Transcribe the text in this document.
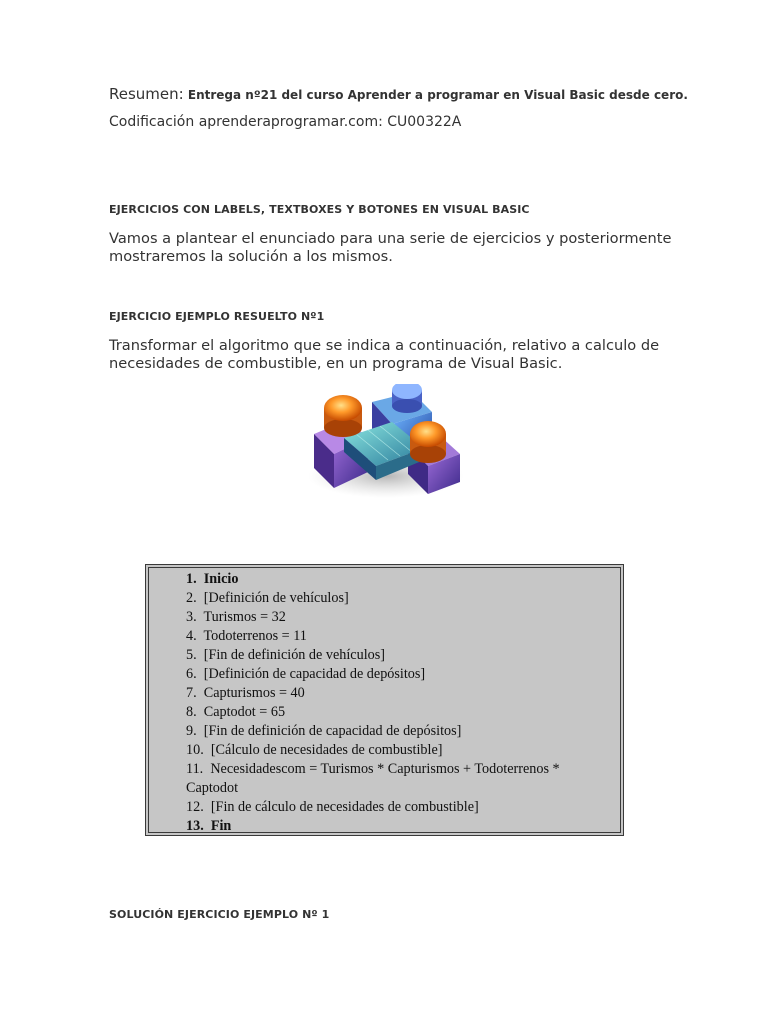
Resumen: Entrega nº21 del curso Aprender a programar en Visual Basic desde cero.
Codificación aprenderaprogramar.com: CU00322A
EJERCICIOS CON LABELS, TEXTBOXES Y BOTONES EN VISUAL BASIC
Vamos a plantear el enunciado para una serie de ejercicios y posteriormente
mostraremos la solución a los mismos.
EJERCICIO EJEMPLO RESUELTO Nº1
Transformar el algoritmo que se indica a continuación, relativo a calculo de
necesidades de combustible, en un programa de Visual Basic.
1. Inicio
2. [Definición de vehículos]
3. Turismos = 32
4. Todoterrenos = 11
5. [Fin de definición de vehículos]
6. [Definición de capacidad de depósitos]
7. Capturismos = 40
8. Captodot = 65
9. [Fin de definición de capacidad de depósitos]
10. [Cálculo de necesidades de combustible]
11. Necesidadescom = Turismos * Capturismos + Todoterrenos * Captodot
12. [Fin de cálculo de necesidades de combustible]
13. Fin
SOLUCIÓN EJERCICIO EJEMPLO Nº 1
